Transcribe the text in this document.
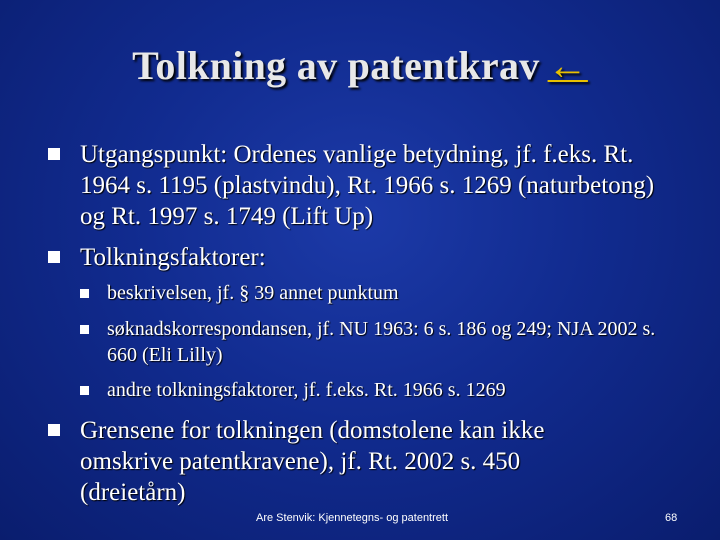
Tolkning av patentkrav ←
Utgangspunkt: Ordenes vanlige betydning, jf. f.eks. Rt. 1964 s. 1195 (plastvindu), Rt. 1966 s. 1269 (naturbetong) og Rt. 1997 s. 1749 (Lift Up)
Tolkningsfaktorer:
beskrivelsen, jf. § 39 annet punktum
søknadskorrespondansen, jf. NU 1963: 6 s. 186 og 249; NJA 2002 s. 660 (Eli Lilly)
andre tolkningsfaktorer, jf. f.eks. Rt. 1966 s. 1269
Grensene for tolkningen (domstolene kan ikke omskrive patentkravene), jf. Rt. 2002 s. 450 (dreietårn)
Are Stenvik: Kjennetegns- og patentrett	68
